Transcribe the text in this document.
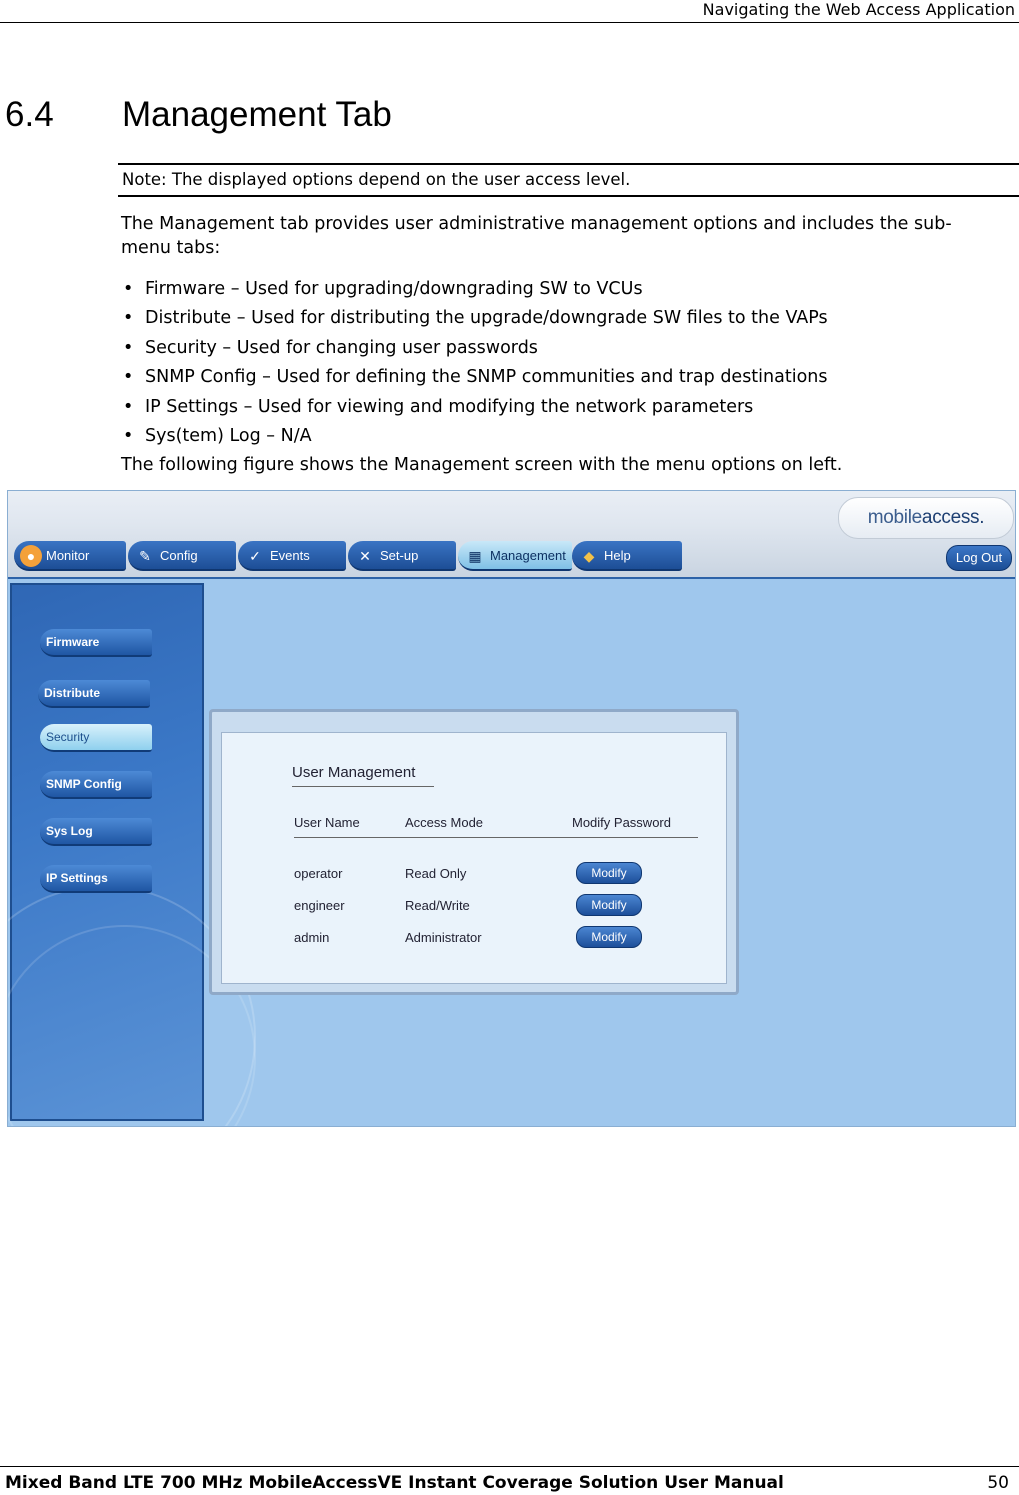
Navigating the Web Access Application
6.4 Management Tab
Note: The displayed options depend on the user access level.
The Management tab provides user administrative management options and includes the sub-menu tabs:
• Firmware – Used for upgrading/downgrading SW to VCUs
• Distribute – Used for distributing the upgrade/downgrade SW files to the VAPs
• Security – Used for changing user passwords
• SNMP Config – Used for defining the SNMP communities and trap destinations
• IP Settings – Used for viewing and modifying the network parameters
• Sys(tem) Log – N/A
The following figure shows the Management screen with the menu options on left.
mobileaccess.
● Monitor	✎ Config	✓ Events	✕ Set-up	▦ Management	◆ Help	Log Out
Firmware
Distribute
Security
SNMP Config
Sys Log
IP Settings
User Management
User Name	Access Mode	Modify Password
operator	Read Only	Modify
engineer	Read/Write	Modify
admin	Administrator	Modify
Mixed Band LTE 700 MHz MobileAccessVE Instant Coverage Solution User Manual	50
